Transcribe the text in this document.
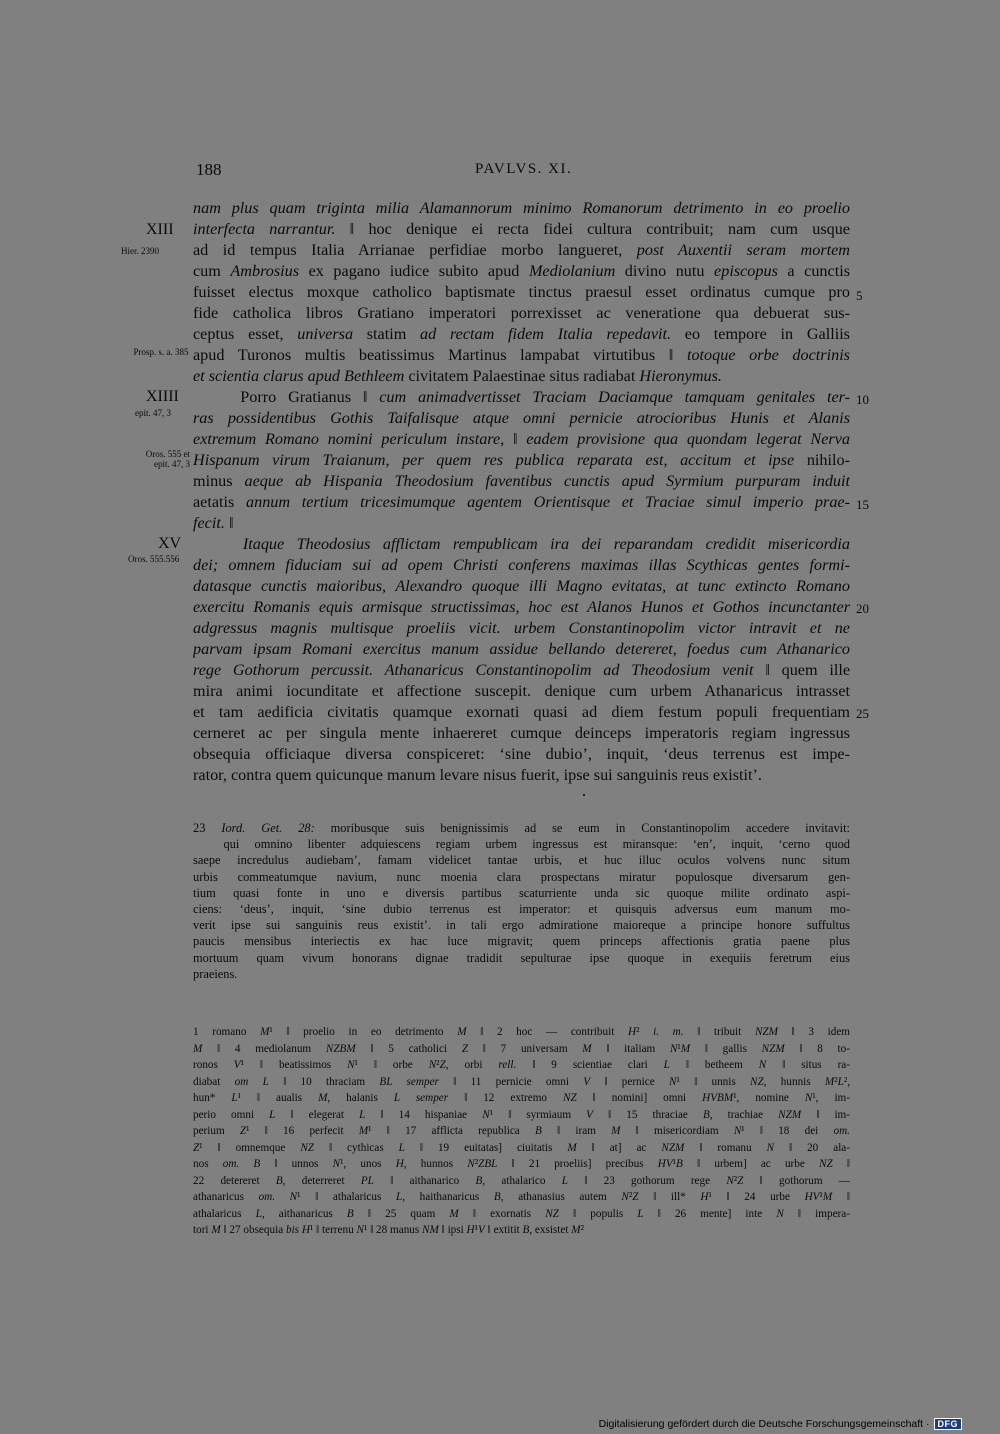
188	PAVLVS. XI.
XIII
Hier. 2390
Prosp. s. a. 385
XIIII
epit. 47, 3
Oros. 555 et epit. 47, 3
XV
Oros. 555.556
5
10
15
20
25
nam plus quam triginta milia Alamannorum minimo Romanorum detrimento in eo proelio
interfecta narrantur. ‖ hoc denique ei recta fidei cultura contribuit; nam cum usque
ad id tempus Italia Arrianae perfidiae morbo langueret, post Auxentii seram mortem
cum Ambrosius ex pagano iudice subito apud Mediolanium divino nutu episcopus a cunctis
fuisset electus moxque catholico baptismate tinctus praesul esset ordinatus cumque pro
fide catholica libros Gratiano imperatori porrexisset ac veneratione qua debuerat sus-
ceptus esset, universa statim ad rectam fidem Italia repedavit. eo tempore in Galliis
apud Turonos multis beatissimus Martinus lampabat virtutibus ‖ totoque orbe doctrinis
et scientia clarus apud Bethleem civitatem Palaestinae situs radiabat Hieronymus.
Porro Gratianus ‖ cum animadvertisset Traciam Daciamque tamquam genitales ter-
ras possidentibus Gothis Taifalisque atque omni pernicie atrocioribus Hunis et Alanis
extremum Romano nomini periculum instare, ‖ eadem provisione qua quondam legerat Nerva
Hispanum virum Traianum, per quem res publica reparata est, accitum et ipse nihilo-
minus aeque ab Hispania Theodosium faventibus cunctis apud Syrmium purpuram induit
aetatis annum tertium tricesimumque agentem Orientisque et Traciae simul imperio prae-
fecit. ‖
Itaque Theodosius afflictam rempublicam ira dei reparandam credidit misericordia
dei; omnem fiduciam sui ad opem Christi conferens maximas illas Scythicas gentes formi-
datasque cunctis maioribus, Alexandro quoque illi Magno evitatas, at tunc extincto Romano
exercitu Romanis equis armisque structissimas, hoc est Alanos Hunos et Gothos incunctanter
adgressus magnis multisque proeliis vicit. urbem Constantinopolim victor intravit et ne
parvam ipsam Romani exercitus manum assidue bellando detereret, foedus cum Athanarico
rege Gothorum percussit. Athanaricus Constantinopolim ad Theodosium venit ‖ quem ille
mira animi iocunditate et affectione suscepit. denique cum urbem Athanaricus intrasset
et tam aedificia civitatis quamque exornati quasi ad diem festum populi frequentiam
cerneret ac per singula mente inhaereret cumque deinceps imperatoris regiam ingressus
obsequia officiaque diversa conspiceret: ‘sine dubio’, inquit, ‘deus terrenus est impe-
rator, contra quem quicunque manum levare nisus fuerit, ipse sui sanguinis reus existit’.
23 Iord. Get. 28: moribusque suis benignissimis ad se eum in Constantinopolim accedere invitavit:
qui omnino libenter adquiescens regiam urbem ingressus est miransque: ‘en’, inquit, ‘cerno quod
saepe incredulus audiebam’, famam videlicet tantae urbis, et huc illuc oculos volvens nunc situm
urbis commeatumque navium, nunc moenia clara prospectans miratur populosque diversarum gen-
tium quasi fonte in uno e diversis partibus scaturriente unda sic quoque milite ordinato aspi-
ciens: ‘deus’, inquit, ‘sine dubio terrenus est imperator: et quisquis adversus eum manum mo-
verit ipse sui sanguinis reus existit’. in tali ergo admiratione maioreque a principe honore suffultus
paucis mensibus interiectis ex hac luce migravit; quem princeps affectionis gratia paene plus
mortuum quam vivum honorans dignae tradidit sepulturae ipse quoque in exequiis feretrum eius
praeiens.
1 romano M¹ ‖ proelio in eo detrimento M ‖ 2 hoc — contribuit H² i. m. ‖ tribuit NZM ‖ 3 idem
M ‖ 4 mediolanum NZBM ‖ 5 catholici Z ‖ 7 universam M ‖ italiam N¹M ‖ gallis NZM ‖ 8 to-
ronos V¹ ‖ beatissimos N¹ ‖ orbe N²Z, orbi rell. ‖ 9 scientiae clari L ‖ betheem N ‖ situs ra-
diabat om L ‖ 10 thraciam BL semper ‖ 11 pernicie omni V ‖ pernice N¹ ‖ unnis NZ, hunnis M²L²,
hun* L¹ ‖ aualis M, halanis L semper ‖ 12 extremo NZ ‖ nomini] omni HVBM¹, nomine N¹, im-
perio omni L ‖ elegerat L ‖ 14 hispaniae N¹ ‖ syrmiaum V ‖ 15 thraciae B, trachiae NZM ‖ im-
perium Z¹ ‖ 16 perfecit M¹ ‖ 17 afflicta republica B ‖ iram M ‖ misericordiam N¹ ‖ 18 dei om.
Z¹ ‖ omnemque NZ ‖ cythicas L ‖ 19 euitatas] ciuitatis M ‖ at] ac NZM ‖ romanu N ‖ 20 ala-
nos om. B ‖ unnos N¹, unos H, hunnos N²ZBL ‖ 21 proeliis] precibus HV¹B ‖ urbem] ac urbe NZ ‖
22 detereret B, deterreret PL ‖ aithanarico B, athalarico L ‖ 23 gothorum rege N²Z ‖ gothorum —
athanaricus om. N¹ ‖ athalaricus L, haithanaricus B, athanasius autem N²Z ‖ ill* H¹ ‖ 24 urbe HV¹M ‖
athalaricus L, aithanaricus B ‖ 25 quam M ‖ exornatis NZ ‖ populis L ‖ 26 mente] inte N ‖ impera-
tori M ‖ 27 obsequia bis H¹ ‖ terrenu N¹ ‖ 28 manus NM ‖ ipsi H¹V ‖ extitit B, exsistet M²
Digitalisierung gefördert durch die Deutsche Forschungsgemeinschaft · DFG
